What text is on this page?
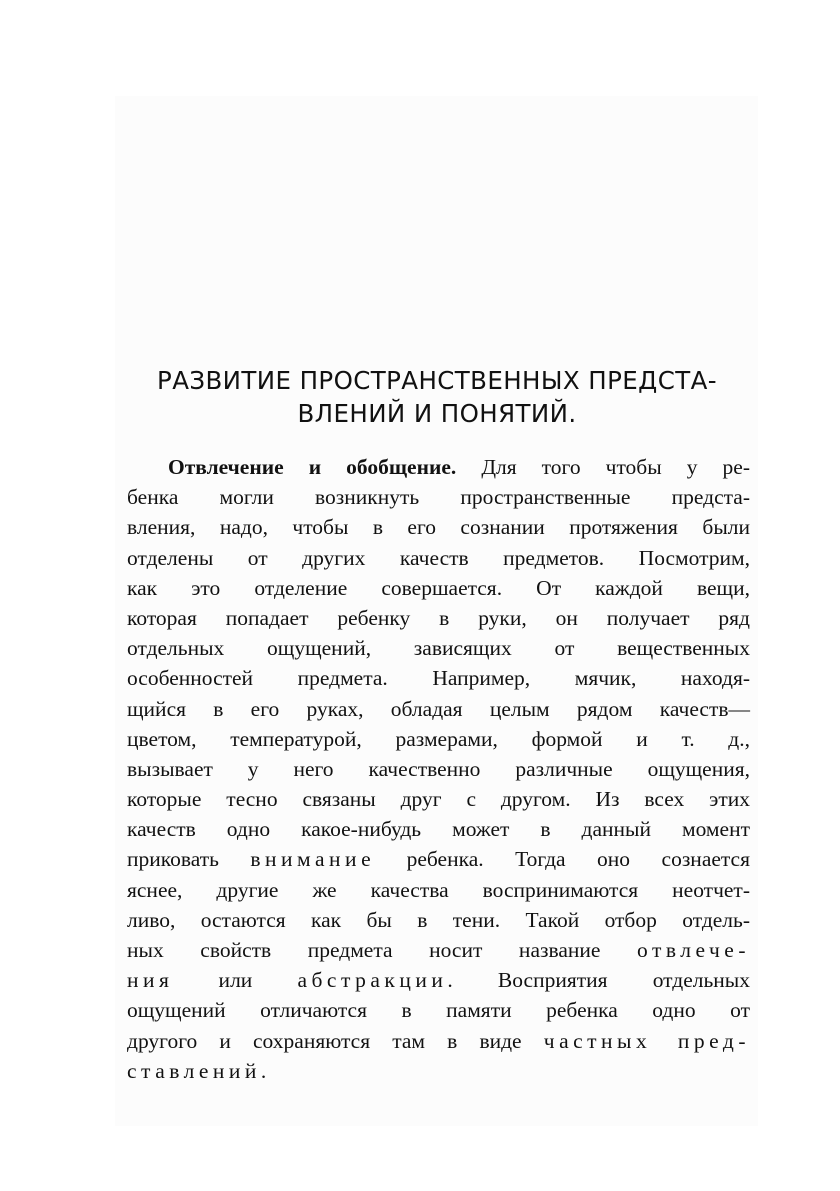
РАЗВИТИЕ ПРОСТРАНСТВЕННЫХ ПРЕДСТА-
ВЛЕНИЙ И ПОНЯТИЙ.
Отвлечение и обобщение. Для того чтобы у ре-
бенка могли возникнуть пространственные предста-
вления, надо, чтобы в его сознании протяжения были
отделены от других качеств предметов. Посмотрим,
как это отделение совершается. От каждой вещи,
которая попадает ребенку в руки, он получает ряд
отдельных ощущений, зависящих от вещественных
особенностей предмета. Например, мячик, находя-
щийся в его руках, обладая целым рядом качеств—
цветом, температурой, размерами, формой и т. д.,
вызывает у него качественно различные ощущения,
которые тесно связаны друг с другом. Из всех этих
качеств одно какое-нибудь может в данный момент
приковать внимание ребенка. Тогда оно сознается
яснее, другие же качества воспринимаются неотчет-
ливо, остаются как бы в тени. Такой отбор отдель-
ных свойств предмета носит название отвлече-
ния или абстракции. Восприятия отдельных
ощущений отличаются в памяти ребенка одно от
другого и сохраняются там в виде частных пред-
ставлений.
